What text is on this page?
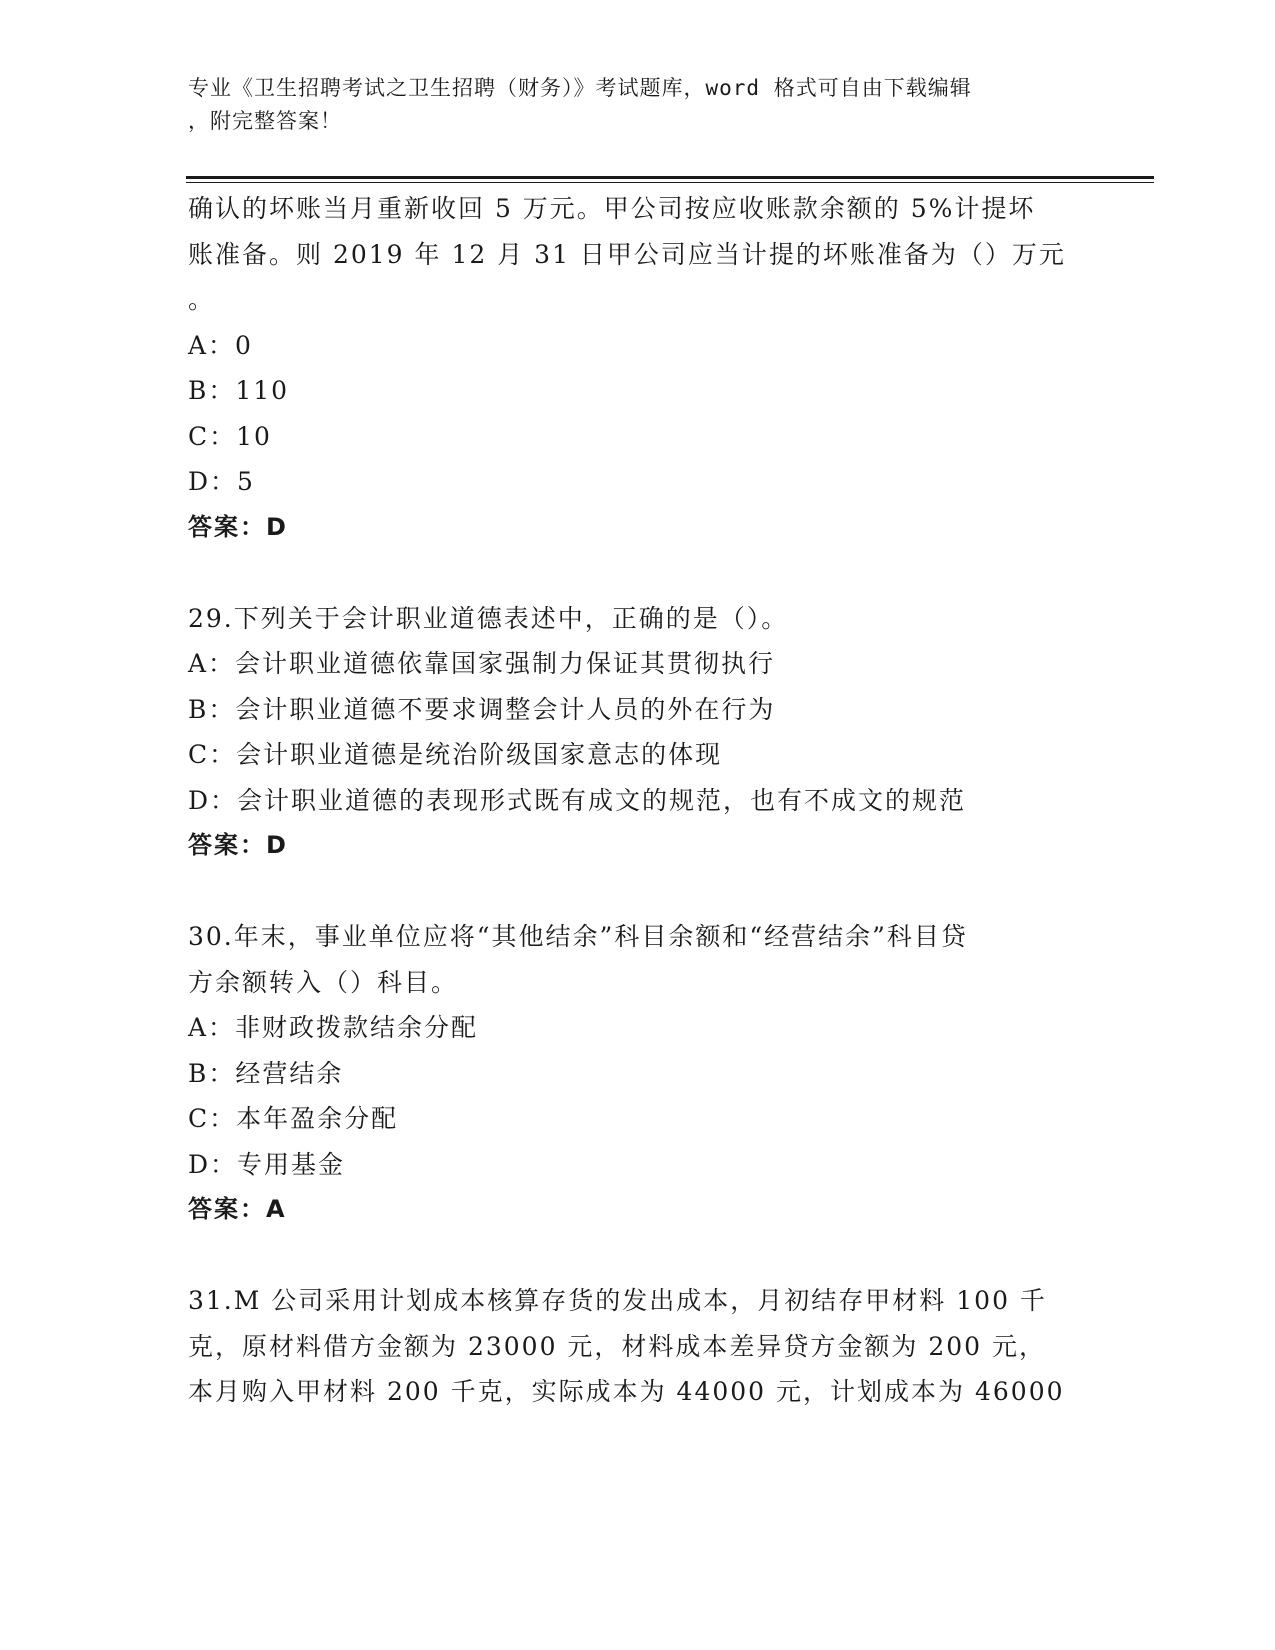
专业《卫生招聘考试之卫生招聘（财务）》考试题库，word 格式可自由下载编辑
，附完整答案！
确认的坏账当月重新收回 5 万元。甲公司按应收账款余额的 5%计提坏
账准备。则 2019 年 12 月 31 日甲公司应当计提的坏账准备为（）万元
。
A：0
B：110
C：10
D：5
答案：D
29.下列关于会计职业道德表述中，正确的是（）。
A：会计职业道德依靠国家强制力保证其贯彻执行
B：会计职业道德不要求调整会计人员的外在行为
C：会计职业道德是统治阶级国家意志的体现
D：会计职业道德的表现形式既有成文的规范，也有不成文的规范
答案：D
30.年末，事业单位应将“其他结余”科目余额和“经营结余”科目贷
方余额转入（）科目。
A：非财政拨款结余分配
B：经营结余
C：本年盈余分配
D：专用基金
答案：A
31.M 公司采用计划成本核算存货的发出成本，月初结存甲材料 100 千
克，原材料借方金额为 23000 元，材料成本差异贷方金额为 200 元，
本月购入甲材料 200 千克，实际成本为 44000 元，计划成本为 46000
